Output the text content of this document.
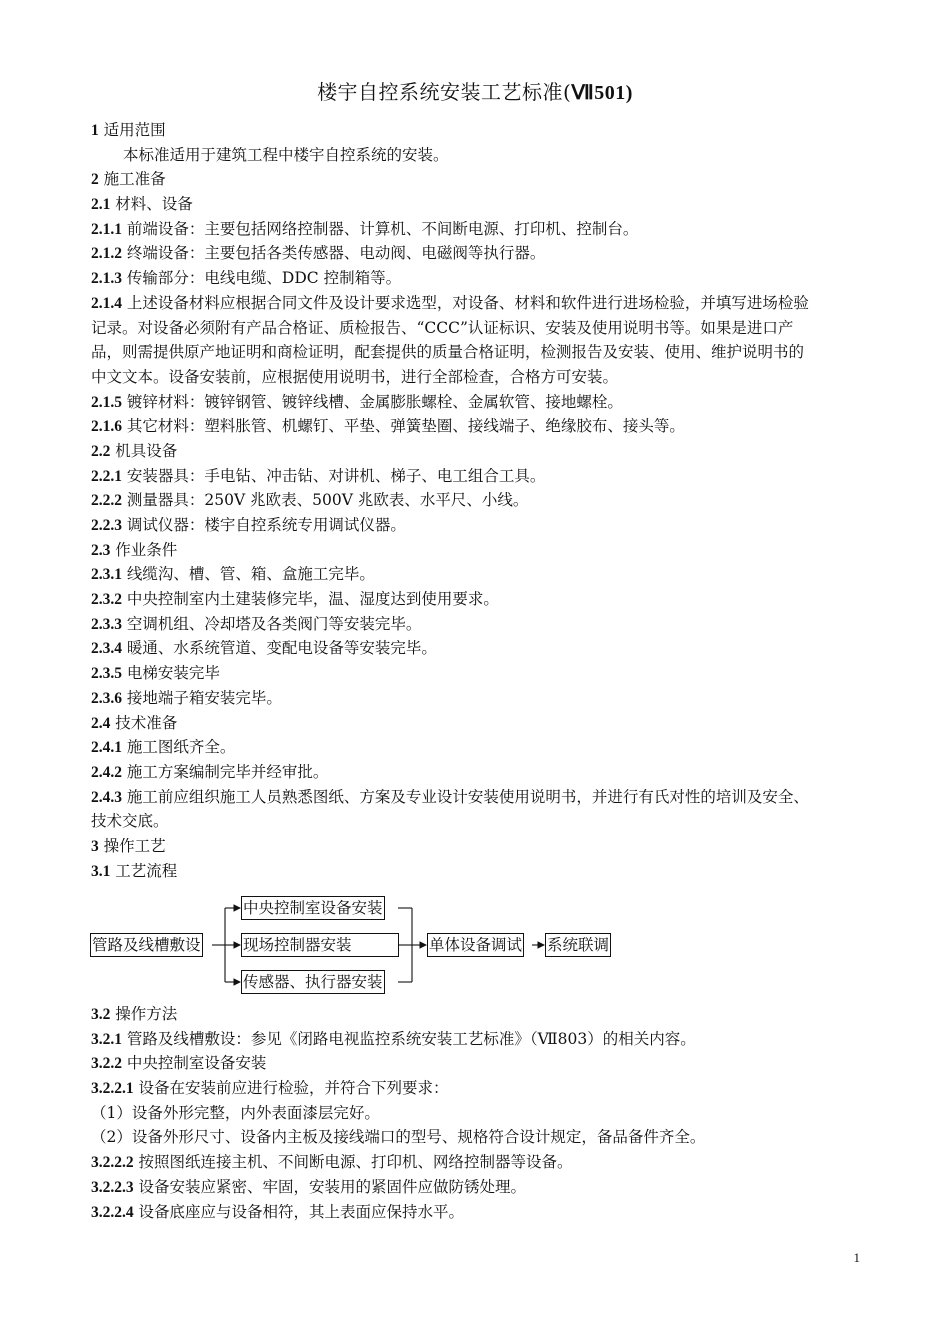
楼宇自控系统安装工艺标准(Ⅶ501)
1 适用范围
本标准适用于建筑工程中楼宇自控系统的安装。
2 施工准备
2.1 材料、设备
2.1.1 前端设备：主要包括网络控制器、计算机、不间断电源、打印机、控制台。
2.1.2 终端设备：主要包括各类传感器、电动阀、电磁阀等执行器。
2.1.3 传输部分：电线电缆、DDC 控制箱等。
2.1.4 上述设备材料应根据合同文件及设计要求选型，对设备、材料和软件进行进场检验，并填写进场检验
记录。对设备必须附有产品合格证、质检报告、“CCC”认证标识、安装及使用说明书等。如果是进口产
品，则需提供原产地证明和商检证明，配套提供的质量合格证明，检测报告及安装、使用、维护说明书的
中文文本。设备安装前，应根据使用说明书，进行全部检查，合格方可安装。
2.1.5 镀锌材料：镀锌钢管、镀锌线槽、金属膨胀螺栓、金属软管、接地螺栓。
2.1.6 其它材料：塑料胀管、机螺钉、平垫、弹簧垫圈、接线端子、绝缘胶布、接头等。
2.2 机具设备
2.2.1 安装器具：手电钻、冲击钻、对讲机、梯子、电工组合工具。
2.2.2 测量器具：250V 兆欧表、500V 兆欧表、水平尺、小线。
2.2.3 调试仪器：楼宇自控系统专用调试仪器。
2.3 作业条件
2.3.1 线缆沟、槽、管、箱、盒施工完毕。
2.3.2 中央控制室内土建装修完毕，温、湿度达到使用要求。
2.3.3 空调机组、冷却塔及各类阀门等安装完毕。
2.3.4 暖通、水系统管道、变配电设备等安装完毕。
2.3.5 电梯安装完毕
2.3.6 接地端子箱安装完毕。
2.4 技术准备
2.4.1 施工图纸齐全。
2.4.2 施工方案编制完毕并经审批。
2.4.3 施工前应组织施工人员熟悉图纸、方案及专业设计安装使用说明书，并进行有氏对性的培训及安全、
技术交底。
3 操作工艺
3.1 工艺流程
管路及线槽敷设
中央控制室设备安装
现场控制器安装
传感器、执行器安装
单体设备调试 系统联调
3.2 操作方法
3.2.1 管路及线槽敷设：参见《闭路电视监控系统安装工艺标准》（Ⅶ803）的相关内容。
3.2.2 中央控制室设备安装
3.2.2.1 设备在安装前应进行检验，并符合下列要求：
（1）设备外形完整，内外表面漆层完好。
（2）设备外形尺寸、设备内主板及接线端口的型号、规格符合设计规定，备品备件齐全。
3.2.2.2 按照图纸连接主机、不间断电源、打印机、网络控制器等设备。
3.2.2.3 设备安装应紧密、牢固，安装用的紧固件应做防锈处理。
3.2.2.4 设备底座应与设备相符，其上表面应保持水平。
1
